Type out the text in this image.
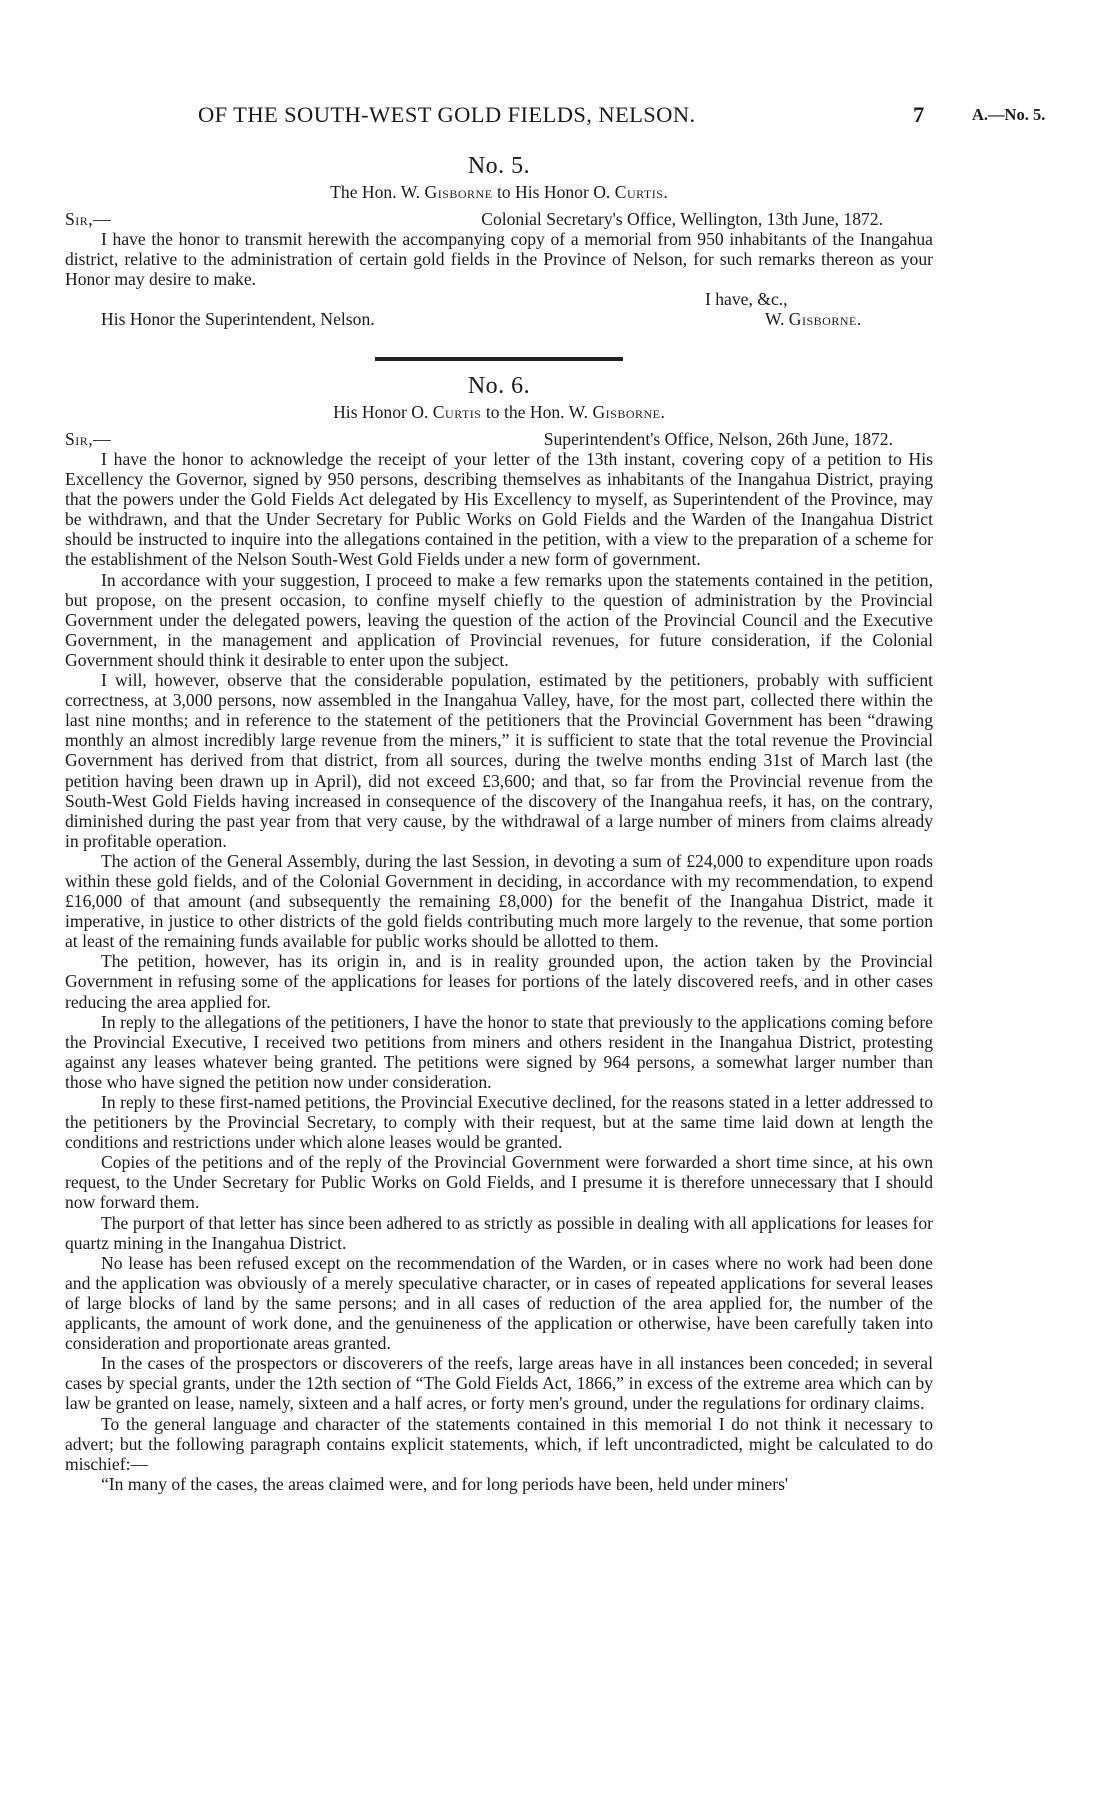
OF THE SOUTH-WEST GOLD FIELDS, NELSON.	7	A.—No. 5.
No. 5.
The Hon. W. Gisborne to His Honor O. Curtis.
Sir,—	Colonial Secretary's Office, Wellington, 13th June, 1872.

I have the honor to transmit herewith the accompanying copy of a memorial from 950 inhabitants of the Inangahua district, relative to the administration of certain gold fields in the Province of Nelson, for such remarks thereon as your Honor may desire to make.

I have, &c.,
His Honor the Superintendent, Nelson.	W. Gisborne.
No. 6.
His Honor O. Curtis to the Hon. W. Gisborne.
Sir,—	Superintendent's Office, Nelson, 26th June, 1872.

I have the honor to acknowledge the receipt of your letter of the 13th instant, covering copy of a petition to His Excellency the Governor, signed by 950 persons, describing themselves as inhabitants of the Inangahua District, praying that the powers under the Gold Fields Act delegated by His Excellency to myself, as Superintendent of the Province, may be withdrawn, and that the Under Secretary for Public Works on Gold Fields and the Warden of the Inangahua District should be instructed to inquire into the allegations contained in the petition, with a view to the preparation of a scheme for the establishment of the Nelson South-West Gold Fields under a new form of government.

In accordance with your suggestion, I proceed to make a few remarks upon the statements contained in the petition, but propose, on the present occasion, to confine myself chiefly to the question of administration by the Provincial Government under the delegated powers, leaving the question of the action of the Provincial Council and the Executive Government, in the management and application of Provincial revenues, for future consideration, if the Colonial Government should think it desirable to enter upon the subject.

I will, however, observe that the considerable population, estimated by the petitioners, probably with sufficient correctness, at 3,000 persons, now assembled in the Inangahua Valley, have, for the most part, collected there within the last nine months; and in reference to the statement of the petitioners that the Provincial Government has been “drawing monthly an almost incredibly large revenue from the miners,” it is sufficient to state that the total revenue the Provincial Government has derived from that district, from all sources, during the twelve months ending 31st of March last (the petition having been drawn up in April), did not exceed £3,600; and that, so far from the Provincial revenue from the South-West Gold Fields having increased in consequence of the discovery of the Inangahua reefs, it has, on the contrary, diminished during the past year from that very cause, by the withdrawal of a large number of miners from claims already in profitable operation.

The action of the General Assembly, during the last Session, in devoting a sum of £24,000 to expenditure upon roads within these gold fields, and of the Colonial Government in deciding, in accordance with my recommendation, to expend £16,000 of that amount (and subsequently the remaining £8,000) for the benefit of the Inangahua District, made it imperative, in justice to other districts of the gold fields contributing much more largely to the revenue, that some portion at least of the remaining funds available for public works should be allotted to them.

The petition, however, has its origin in, and is in reality grounded upon, the action taken by the Provincial Government in refusing some of the applications for leases for portions of the lately discovered reefs, and in other cases reducing the area applied for.

In reply to the allegations of the petitioners, I have the honor to state that previously to the applications coming before the Provincial Executive, I received two petitions from miners and others resident in the Inangahua District, protesting against any leases whatever being granted. The petitions were signed by 964 persons, a somewhat larger number than those who have signed the petition now under consideration.

In reply to these first-named petitions, the Provincial Executive declined, for the reasons stated in a letter addressed to the petitioners by the Provincial Secretary, to comply with their request, but at the same time laid down at length the conditions and restrictions under which alone leases would be granted.

Copies of the petitions and of the reply of the Provincial Government were forwarded a short time since, at his own request, to the Under Secretary for Public Works on Gold Fields, and I presume it is therefore unnecessary that I should now forward them.

The purport of that letter has since been adhered to as strictly as possible in dealing with all applications for leases for quartz mining in the Inangahua District.

No lease has been refused except on the recommendation of the Warden, or in cases where no work had been done and the application was obviously of a merely speculative character, or in cases of repeated applications for several leases of large blocks of land by the same persons; and in all cases of reduction of the area applied for, the number of the applicants, the amount of work done, and the genuineness of the application or otherwise, have been carefully taken into consideration and proportionate areas granted.

In the cases of the prospectors or discoverers of the reefs, large areas have in all instances been conceded; in several cases by special grants, under the 12th section of “The Gold Fields Act, 1866,” in excess of the extreme area which can by law be granted on lease, namely, sixteen and a half acres, or forty men's ground, under the regulations for ordinary claims.

To the general language and character of the statements contained in this memorial I do not think it necessary to advert; but the following paragraph contains explicit statements, which, if left uncontradicted, might be calculated to do mischief:—

“In many of the cases, the areas claimed were, and for long periods have been, held under miners'
